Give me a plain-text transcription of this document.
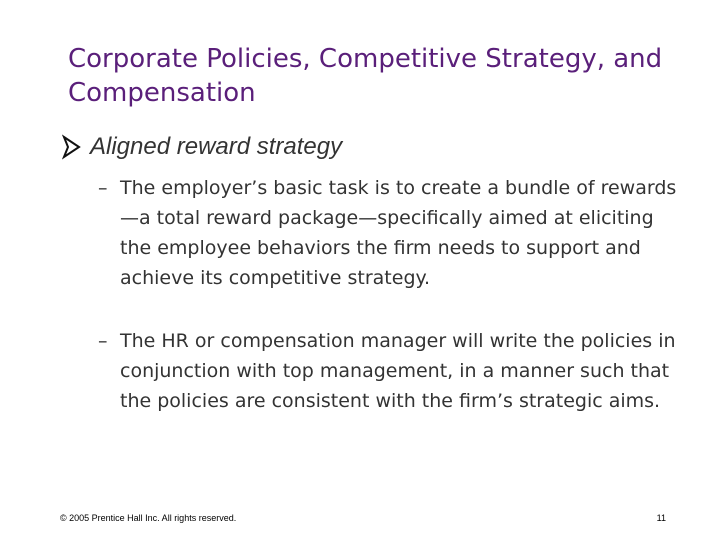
Corporate Policies, Competitive Strategy, and Compensation
Aligned reward strategy
– The employer’s basic task is to create a bundle of rewards—a total reward package—specifically aimed at eliciting the employee behaviors the firm needs to support and achieve its competitive strategy.
– The HR or compensation manager will write the policies in conjunction with top management, in a manner such that the policies are consistent with the firm’s strategic aims.
© 2005 Prentice Hall Inc. All rights reserved.	11
